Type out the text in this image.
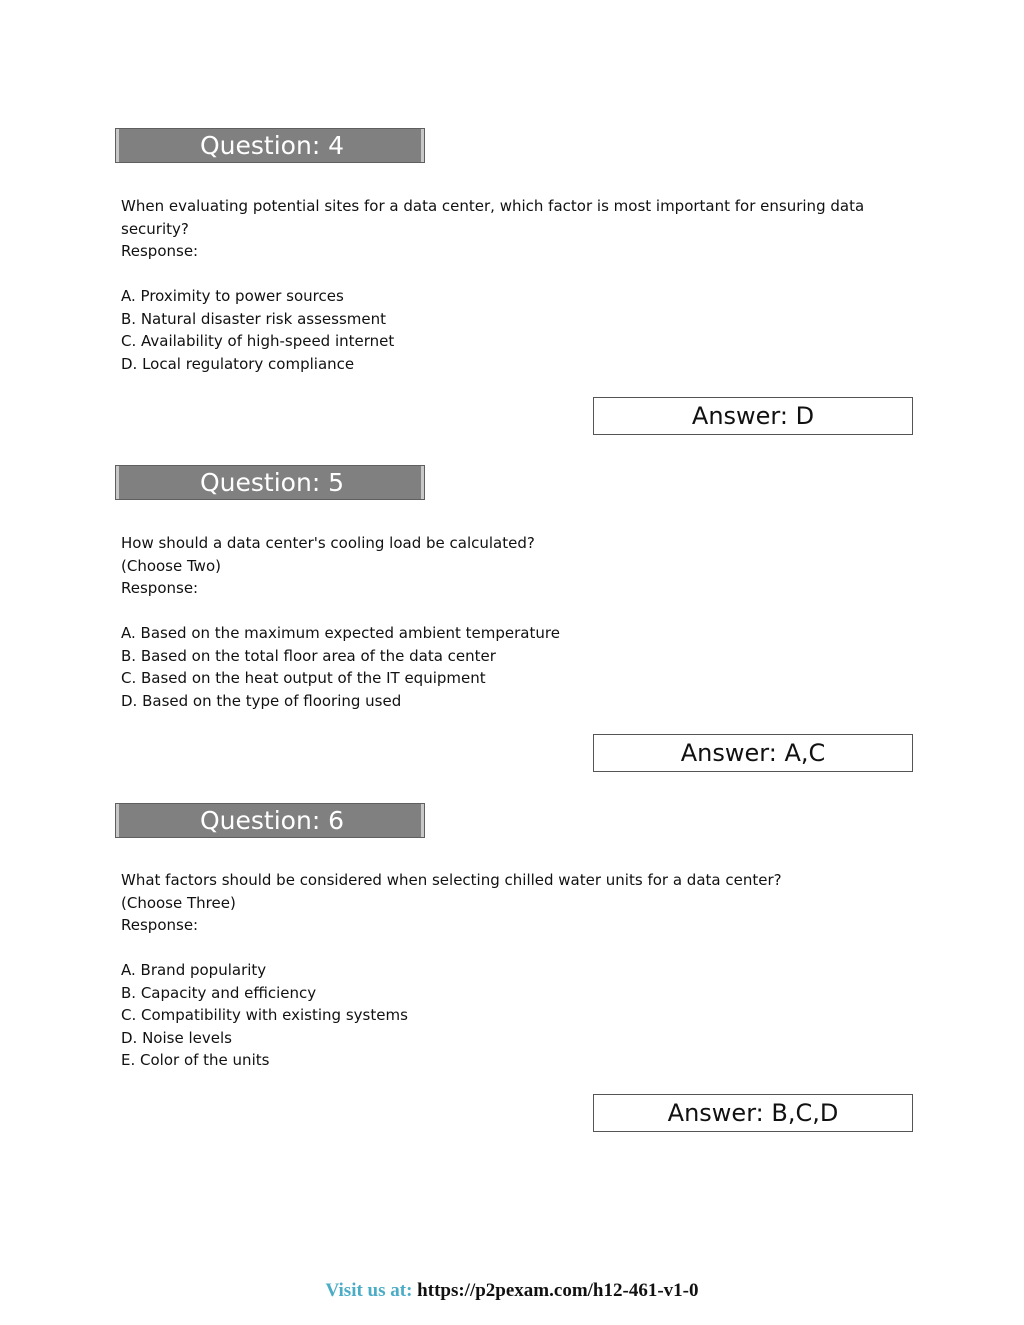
Question: 4

When evaluating potential sites for a data center, which factor is most important for ensuring data

security?

Response:

A. Proximity to power sources
B. Natural disaster risk assessment
C. Availability of high-speed internet
D. Local regulatory compliance
Answer: D
Question: 5

How should a data center's cooling load be calculated?

(Choose Two)

Response:

A. Based on the maximum expected ambient temperature
B. Based on the total floor area of the data center
C. Based on the heat output of the IT equipment
D. Based on the type of flooring used
Answer: A,C
Question: 6

What factors should be considered when selecting chilled water units for a data center?

(Choose Three)

Response:

A. Brand popularity
B. Capacity and efficiency
C. Compatibility with existing systems
D. Noise levels
E. Color of the units
Answer: B,C,D
Visit us at: https://p2pexam.com/h12-461-v1-0
